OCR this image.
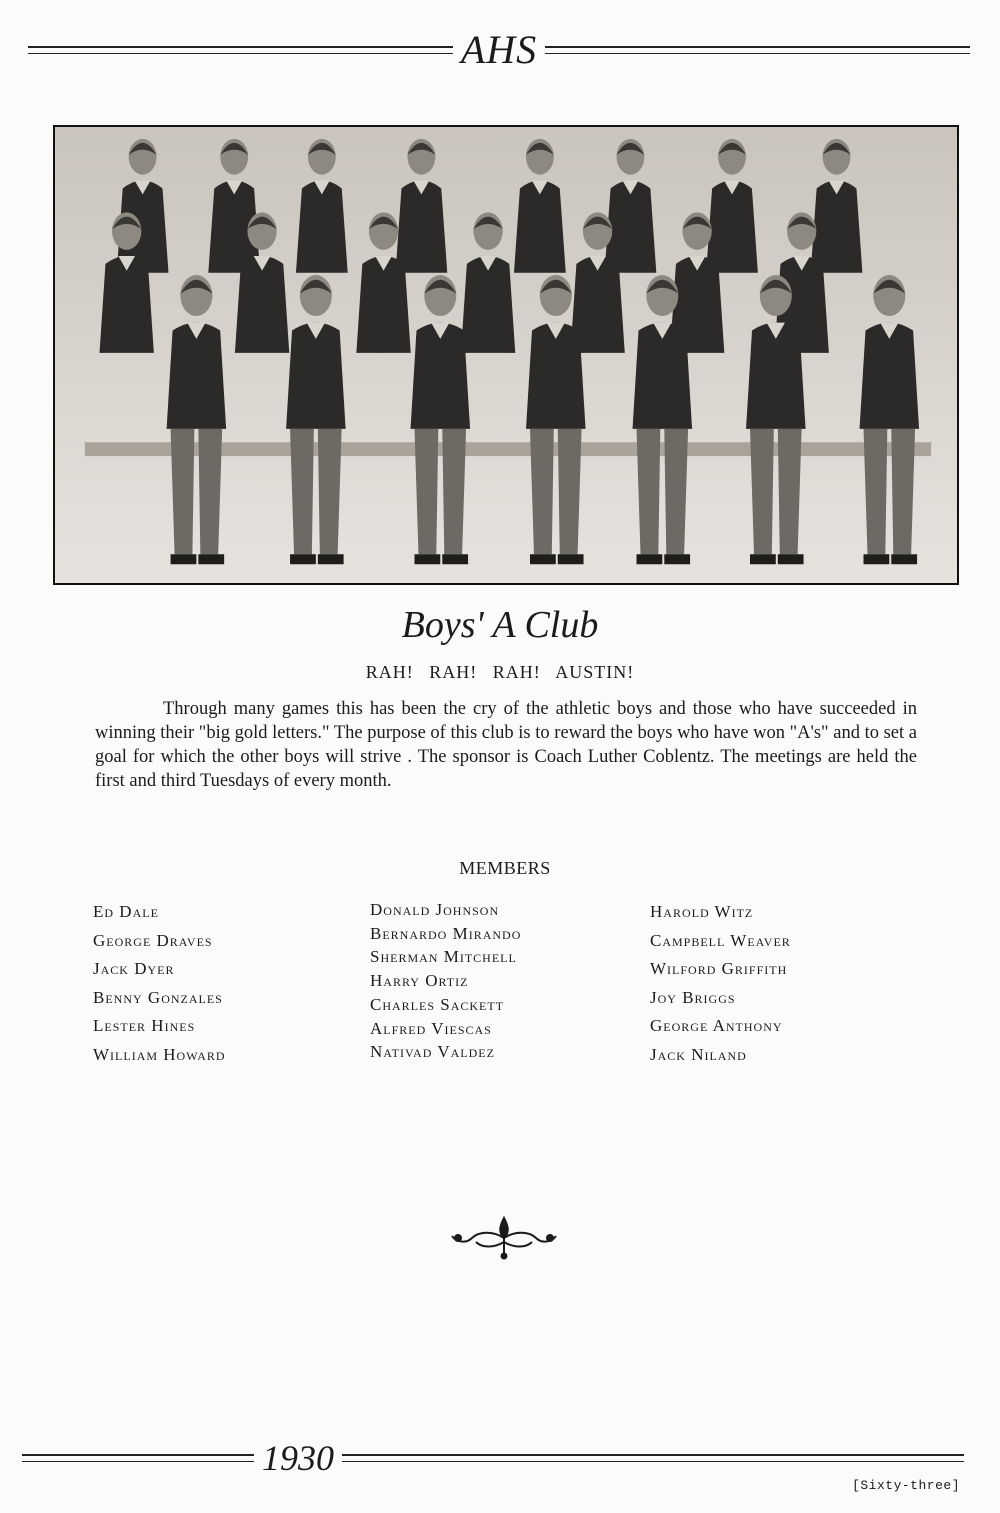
AHS
Boys' A Club
RAH! RAH! RAH! AUSTIN!
Through many games this has been the cry of the athletic boys and those who have succeeded in winning their "big gold letters." The purpose of this club is to reward the boys who have won "A's" and to set a goal for which the other boys will strive . The sponsor is Coach Luther Coblentz. The meetings are held the first and third Tuesdays of every month.
MEMBERS
Ed Dale
George Draves
Jack Dyer
Benny Gonzales
Lester Hines
William Howard
Donald Johnson
Bernardo Mirando
Sherman Mitchell
Harry Ortiz
Charles Sackett
Alfred Viescas
Nativad Valdez
Harold Witz
Campbell Weaver
Wilford Griffith
Joy Briggs
George Anthony
Jack Niland
1930
[Sixty-three]
